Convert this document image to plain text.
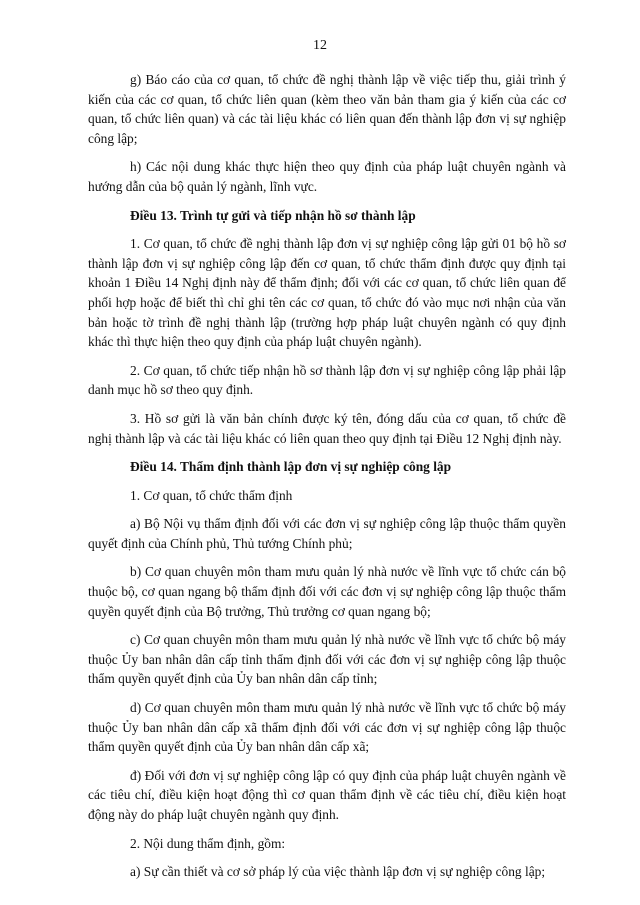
12

g) Báo cáo của cơ quan, tổ chức đề nghị thành lập về việc tiếp thu, giải trình ý kiến của các cơ quan, tổ chức liên quan (kèm theo văn bản tham gia ý kiến của các cơ quan, tổ chức liên quan) và các tài liệu khác có liên quan đến thành lập đơn vị sự nghiệp công lập;

h) Các nội dung khác thực hiện theo quy định của pháp luật chuyên ngành và hướng dẫn của bộ quản lý ngành, lĩnh vực.

Điều 13. Trình tự gửi và tiếp nhận hồ sơ thành lập

1. Cơ quan, tổ chức đề nghị thành lập đơn vị sự nghiệp công lập gửi 01 bộ hồ sơ thành lập đơn vị sự nghiệp công lập đến cơ quan, tổ chức thẩm định được quy định tại khoản 1 Điều 14 Nghị định này để thẩm định; đối với các cơ quan, tổ chức liên quan để phối hợp hoặc để biết thì chỉ ghi tên các cơ quan, tổ chức đó vào mục nơi nhận của văn bản hoặc tờ trình đề nghị thành lập (trường hợp pháp luật chuyên ngành có quy định khác thì thực hiện theo quy định của pháp luật chuyên ngành).

2. Cơ quan, tổ chức tiếp nhận hồ sơ thành lập đơn vị sự nghiệp công lập phải lập danh mục hồ sơ theo quy định.

3. Hồ sơ gửi là văn bản chính được ký tên, đóng dấu của cơ quan, tổ chức đề nghị thành lập và các tài liệu khác có liên quan theo quy định tại Điều 12 Nghị định này.

Điều 14. Thẩm định thành lập đơn vị sự nghiệp công lập

1. Cơ quan, tổ chức thẩm định

a) Bộ Nội vụ thẩm định đối với các đơn vị sự nghiệp công lập thuộc thẩm quyền quyết định của Chính phủ, Thủ tướng Chính phủ;

b) Cơ quan chuyên môn tham mưu quản lý nhà nước về lĩnh vực tổ chức cán bộ thuộc bộ, cơ quan ngang bộ thẩm định đối với các đơn vị sự nghiệp công lập thuộc thẩm quyền quyết định của Bộ trưởng, Thủ trưởng cơ quan ngang bộ;

c) Cơ quan chuyên môn tham mưu quản lý nhà nước về lĩnh vực tổ chức bộ máy thuộc Ủy ban nhân dân cấp tỉnh thẩm định đối với các đơn vị sự nghiệp công lập thuộc thẩm quyền quyết định của Ủy ban nhân dân cấp tỉnh;

d) Cơ quan chuyên môn tham mưu quản lý nhà nước về lĩnh vực tổ chức bộ máy thuộc Ủy ban nhân dân cấp xã thẩm định đối với các đơn vị sự nghiệp công lập thuộc thẩm quyền quyết định của Ủy ban nhân dân cấp xã;

đ) Đối với đơn vị sự nghiệp công lập có quy định của pháp luật chuyên ngành về các tiêu chí, điều kiện hoạt động thì cơ quan thẩm định về các tiêu chí, điều kiện hoạt động này do pháp luật chuyên ngành quy định.

2. Nội dung thẩm định, gồm:

a) Sự cần thiết và cơ sở pháp lý của việc thành lập đơn vị sự nghiệp công lập;
